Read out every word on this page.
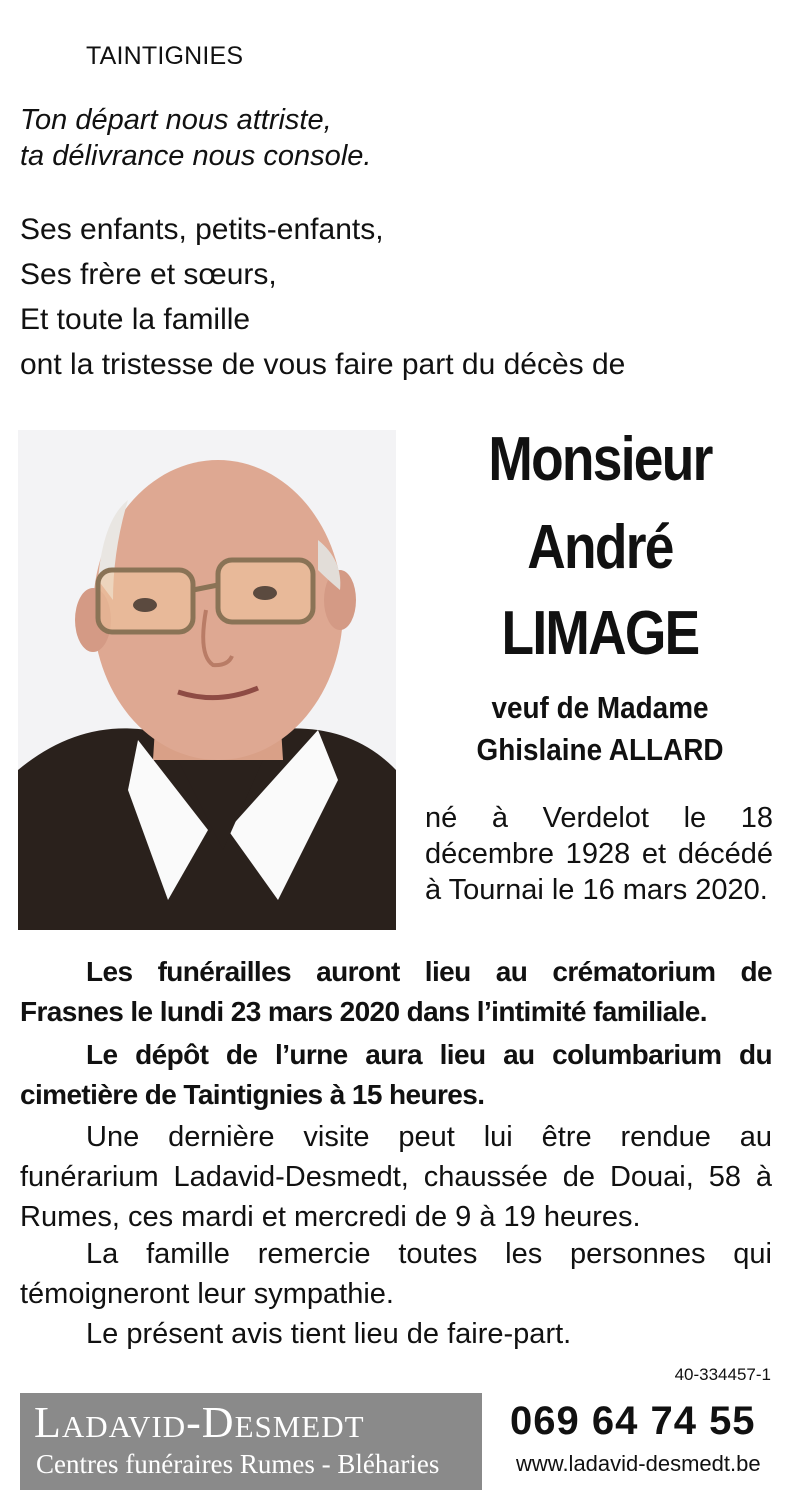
TAINTIGNIES
Ton départ nous attriste,
ta délivrance nous console.
Ses enfants, petits-enfants,
Ses frère et sœurs,
Et toute la famille
ont la tristesse de vous faire part du décès de
Monsieur
André
LIMAGE
veuf de Madame
Ghislaine ALLARD
né à Verdelot le 18 décembre 1928 et décédé à Tournai le 16 mars 2020.
Les funérailles auront lieu au crématorium de Frasnes le lundi 23 mars 2020 dans l’intimité familiale.
Le dépôt de l’urne aura lieu au columbarium du cimetière de Taintignies à 15 heures.
Une dernière visite peut lui être rendue au funérarium Ladavid-Desmedt, chaussée de Douai, 58 à Rumes, ces mardi et mercredi de 9 à 19 heures.
La famille remercie toutes les personnes qui témoigneront leur sympathie.
Le présent avis tient lieu de faire-part.
40-334457-1
Ladavid-Desmedt
Centres funéraires Rumes - Bléharies
069 64 74 55
www.ladavid-desmedt.be
